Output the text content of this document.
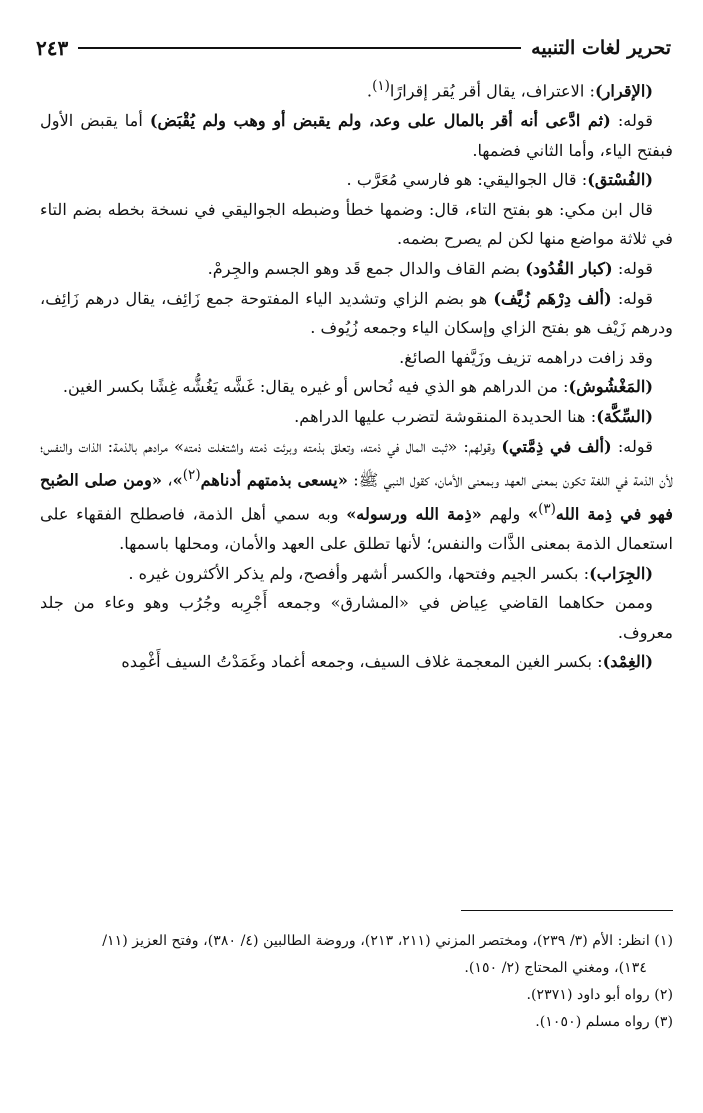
تحرير لغات التنبيه
٢٤٣

(الإقرار): الاعتراف، يقال أقر يُقر إقرارًا$^{(١)}$.

قوله: (ثم ادَّعى أنه أقر بالمال على وعد، ولم يقبض أو وهب ولم يُقْبَض) أما يقبض الأول فبفتح الياء، وأما الثاني فضمها.

(الفُسْتق): قال الجواليقي: هو فارسي مُعَرَّب .

قال ابن مكي: هو بفتح التاء، قال: وضمها خطأ وضبطه الجواليقي في نسخة بخطه بضم التاء في ثلاثة مواضع منها لكن لم يصرح بضمه.

قوله: (كبار القُدُود) بضم القاف والدال جمع قَد وهو الجسم والجِرمْ.

قوله: (ألف دِرْهَم زُيَّف) هو بضم الزاي وتشديد الياء المفتوحة جمع زَائِف، يقال درهم زَائِف، ودرهم زَيْف هو بفتح الزاي وإسكان الياء وجمعه زُيُوف .

وقد زافت دراهمه تزيف وزَيَّفها الصائغ.

(المَغْشُوش): من الدراهم هو الذي فيه نُحاس أو غيره يقال: غَشَّه يَغُشُّه غِشًا بكسر الغين.

(السِّكَّة): هنا الحديدة المنقوشة لتضرب عليها الدراهم.

قوله: (ألف في ذِمَّتي) وقولهم: «ثبت المال في ذمته، وتعلق بذمته وبرئت ذمته واشتغلت ذمته» مرادهم بالذمة: الذات والنفس؛ لأن الذمة في اللغة تكون بمعنى العهد وبمعنى الأمان، كقول النبي ﷺ: «يسعى بذمتهم أدناهم$^{(٢)}$»، «ومن صلى الصُبح فهو في ذِمة الله$^{(٣)}$» ولهم «ذِمة الله ورسوله» وبه سمي أهل الذمة، فاصطلح الفقهاء على استعمال الذمة بمعنى الذَّات والنفس؛ لأنها تطلق على العهد والأمان، ومحلها باسمها.

(الجِرَاب): بكسر الجيم وفتحها، والكسر أشهر وأفصح، ولم يذكر الأكثرون غيره .

وممن حكاهما القاضي عِياض في «المشارق» وجمعه أَجْرِبه وجُرُب وهو وعاء من جلد معروف.

(الغِمْد): بكسر الغين المعجمة غلاف السيف، وجمعه أغماد وغَمَدْتُ السيف أَغْمِده

(١) انظر: الأم (٣/ ٢٣٩)، ومختصر المزني (٢١١، ٢١٣)، وروضة الطالبين (٤/ ٣٨٠)، وفتح العزيز (١١/

١٣٤)، ومغني المحتاج (٢/ ١٥٠).

(٢) رواه أبو داود (٢٣٧١).

(٣) رواه مسلم (١٠٥٠).
